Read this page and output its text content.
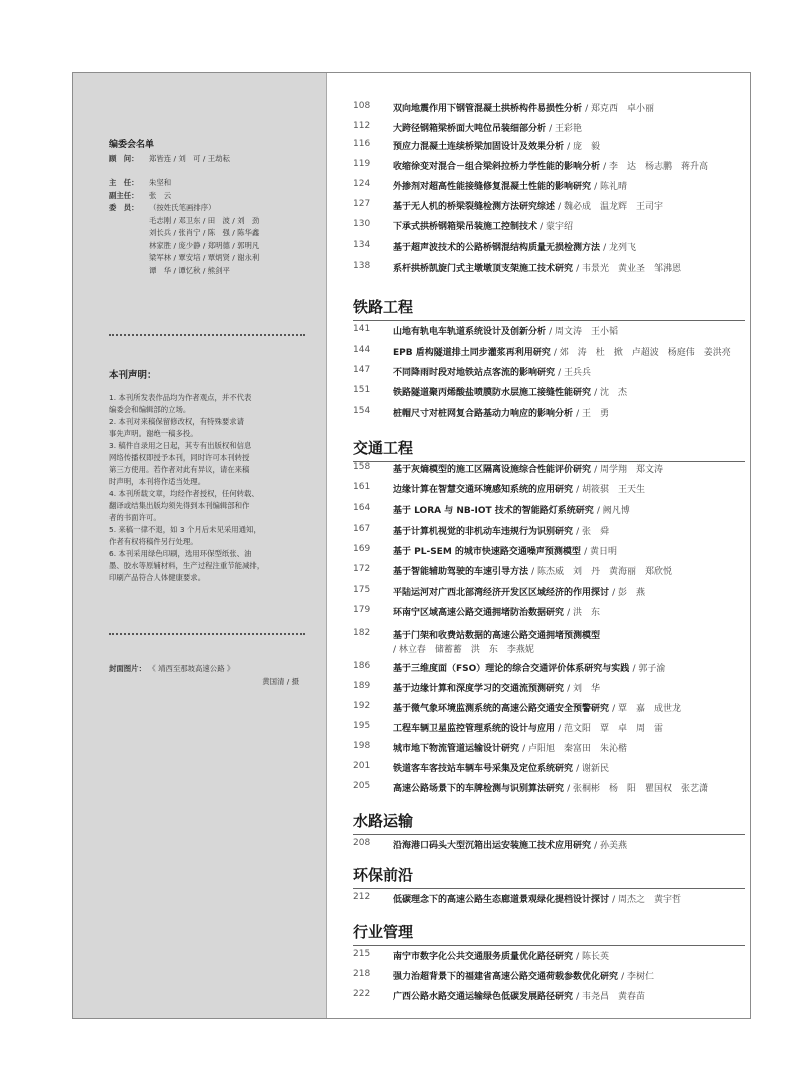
编委会名单
顾　问：	郑皆连 / 刘　可 / 王劫耘
主　任：	朱坚和
副主任：	张　云
委　员：	（按姓氏笔画排序）
毛志刚 / 邓卫东 / 田　波 / 刘　劲
刘长兵 / 张肖宁 / 陈　强 / 陈华鑫
林家胜 / 庞少静 / 郑明德 / 郭明凡
梁军林 / 覃安培 / 覃炳贤 / 谢永利
谭　华 / 谭忆秋 / 熊剑平
本刊声明：

1. 本刊所发表作品均为作者观点，并不代表

编委会和编辑部的立场。

2. 本刊对来稿保留修改权，有特殊要求请

事先声明。谢绝一稿多投。

3. 稿件自录用之日起，其专有出版权和信息

网络传播权即授予本刊，同时许可本刊转授

第三方使用。若作者对此有异议，请在来稿

时声明，本刊将作适当处理。

4. 本刊所载文章，均经作者授权，任何转载、

翻译或结集出版均须先得到本刊编辑部和作

者的书面许可。

5. 来稿一律不退，如 3 个月后未见采用通知，

作者有权将稿件另行处理。

6. 本刊采用绿色印刷，选用环保型纸张、油

墨、胶水等原辅材料，生产过程注重节能减排，

印刷产品符合人体健康要求。

封面图片： 《 靖西至那坡高速公路 》
黄国清 / 摄
108	双向地震作用下钢管混凝土拱桥构件易损性分析 / 郑克西　卓小丽
112	大跨径钢箱梁桥面大吨位吊装细部分析 / 王彩艳
116	预应力混凝土连续桥梁加固设计及效果分析 / 庞　毅
119	收缩徐变对混合－组合梁斜拉桥力学性能的影响分析 / 李　达　杨志鹏　蒋升高
124	外掺剂对超高性能接缝修复混凝土性能的影响研究 / 陈礼晴
127	基于无人机的桥梁裂缝检测方法研究综述 / 魏必成　温龙辉　王司宇
130	下承式拱桥钢箱梁吊装施工控制技术 / 蒙宇绍
134	基于超声波技术的公路桥钢混结构质量无损检测方法 / 龙列飞
138	系杆拱桥凯旋门式主墩墩顶支架施工技术研究 / 韦景光　黄业圣　邹沸恩
铁路工程
141	山地有轨电车轨道系统设计及创新分析 / 周文涛　王小韬
144	EPB 盾构隧道排土同步灌浆再利用研究 / 郊　涛　杜　掀　卢超波　杨庭伟　姜洪亮
147	不同降雨时段对地铁站点客流的影响研究 / 王兵兵
151	铁路隧道聚丙烯酸盐喷膜防水层施工接缝性能研究 / 沈　杰
154	桩帽尺寸对桩网复合路基动力响应的影响分析 / 王　勇
交通工程
158	基于灰熵模型的施工区隔离设施综合性能评价研究 / 周学翔　郑文涛
161	边缘计算在智慧交通环境感知系统的应用研究 / 胡筱骐　王天生
164	基于 LORA 与 NB-IOT 技术的智能路灯系统研究 / 阙凡博
167	基于计算机视觉的非机动车违规行为识别研究 / 张　舜
169	基于 PL-SEM 的城市快速路交通噪声预测模型 / 黄日明
172	基于智能辅助驾驶的车速引导方法 / 陈杰威　刘　丹　黄海丽　郑欣悦
175	平陆运河对广西北部湾经济开发区区域经济的作用探讨 / 彭　燕
179	环南宁区域高速公路交通拥堵防治数据研究 / 洪　东
182	基于门架和收费站数据的高速公路交通拥堵预测模型
/ 林立春　储蓄蓄　洪　东　李燕妮
186	基于三维度面（FSO）理论的综合交通评价体系研究与实践 / 郭子渝
189	基于边缘计算和深度学习的交通流预测研究 / 刘　华
192	基于微气象环境监测系统的高速公路交通安全预警研究 / 覃　嘉　成世龙
195	工程车辆卫星监控管理系统的设计与应用 / 范文阳　覃　卓　周　雷
198	城市地下物流管道运输设计研究 / 卢阳旭　秦富田　朱沁楷
201	铁道客车客技站车辆车号采集及定位系统研究 / 谢新民
205	高速公路场景下的车牌检测与识别算法研究 / 张桐彬　杨　阳　瞿国权　张艺潇
水路运输
208	沿海港口码头大型沉箱出运安装施工技术应用研究 / 孙美燕
环保前沿
212	低碳理念下的高速公路生态廊道景观绿化提档设计探讨 / 周杰之　黄宇哲
行业管理
215	南宁市数字化公共交通服务质量优化路径研究 / 陈长英
218	强力治超背景下的福建省高速公路交通荷载参数优化研究 / 李树仁
222	广西公路水路交通运输绿色低碳发展路径研究 / 韦尧昌　黄春苗
